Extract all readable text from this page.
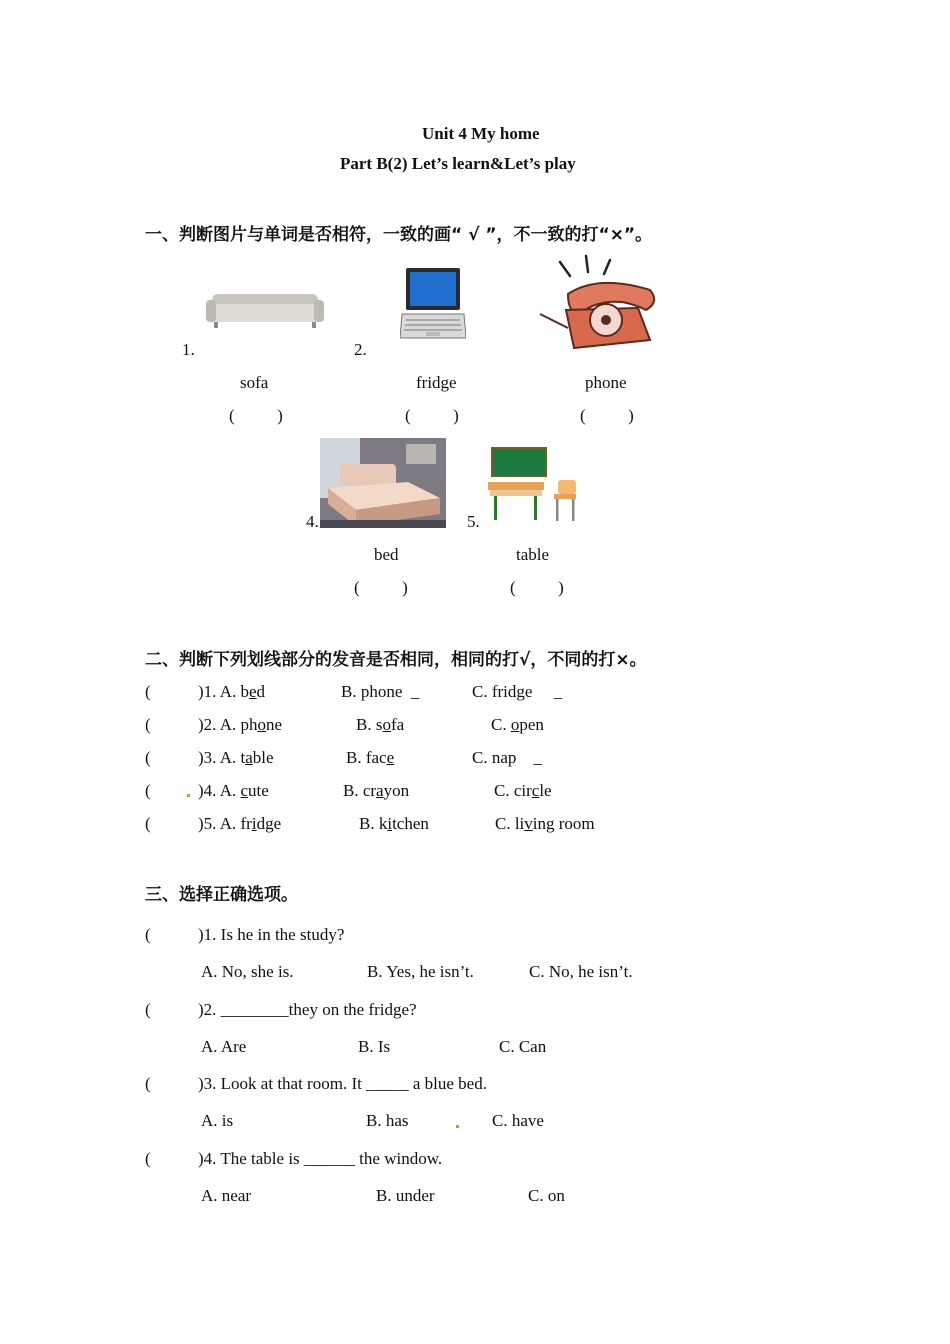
Unit 4 My home
Part B(2) Let’s learn&Let’s play
一、判断图片与单词是否相符，一致的画“ √ ”，不一致的打“×”。
1.
sofa
(          )
2.
fridge
(          )
phone
(          )
4.
bed
(          )
5.
table
(          )
二、判断下列划线部分的发音是否相同，相同的打√，不同的打×。
(	)1. A. bed	B. phone  _	C. fridge     _
(	)2. A. phone	B. sofa	C. open
(	)3. A. table	B. face	C. nap    _
(	)4. A. cute	B. crayon	C. circle
(	)5. A. fridge	B. kitchen	C. living room
三、选择正确选项。
(	)1. Is he in the study?
A. No, she is.	B. Yes, he isn’t.	C. No, he isn’t.
(	)2. ________they on the fridge?
A. Are	B. Is	C. Can
(	)3. Look at that room. It _____ a blue bed.
A. is	B. has	C. have
(	)4. The table is ______ the window.
A. near	B. under	C. on
